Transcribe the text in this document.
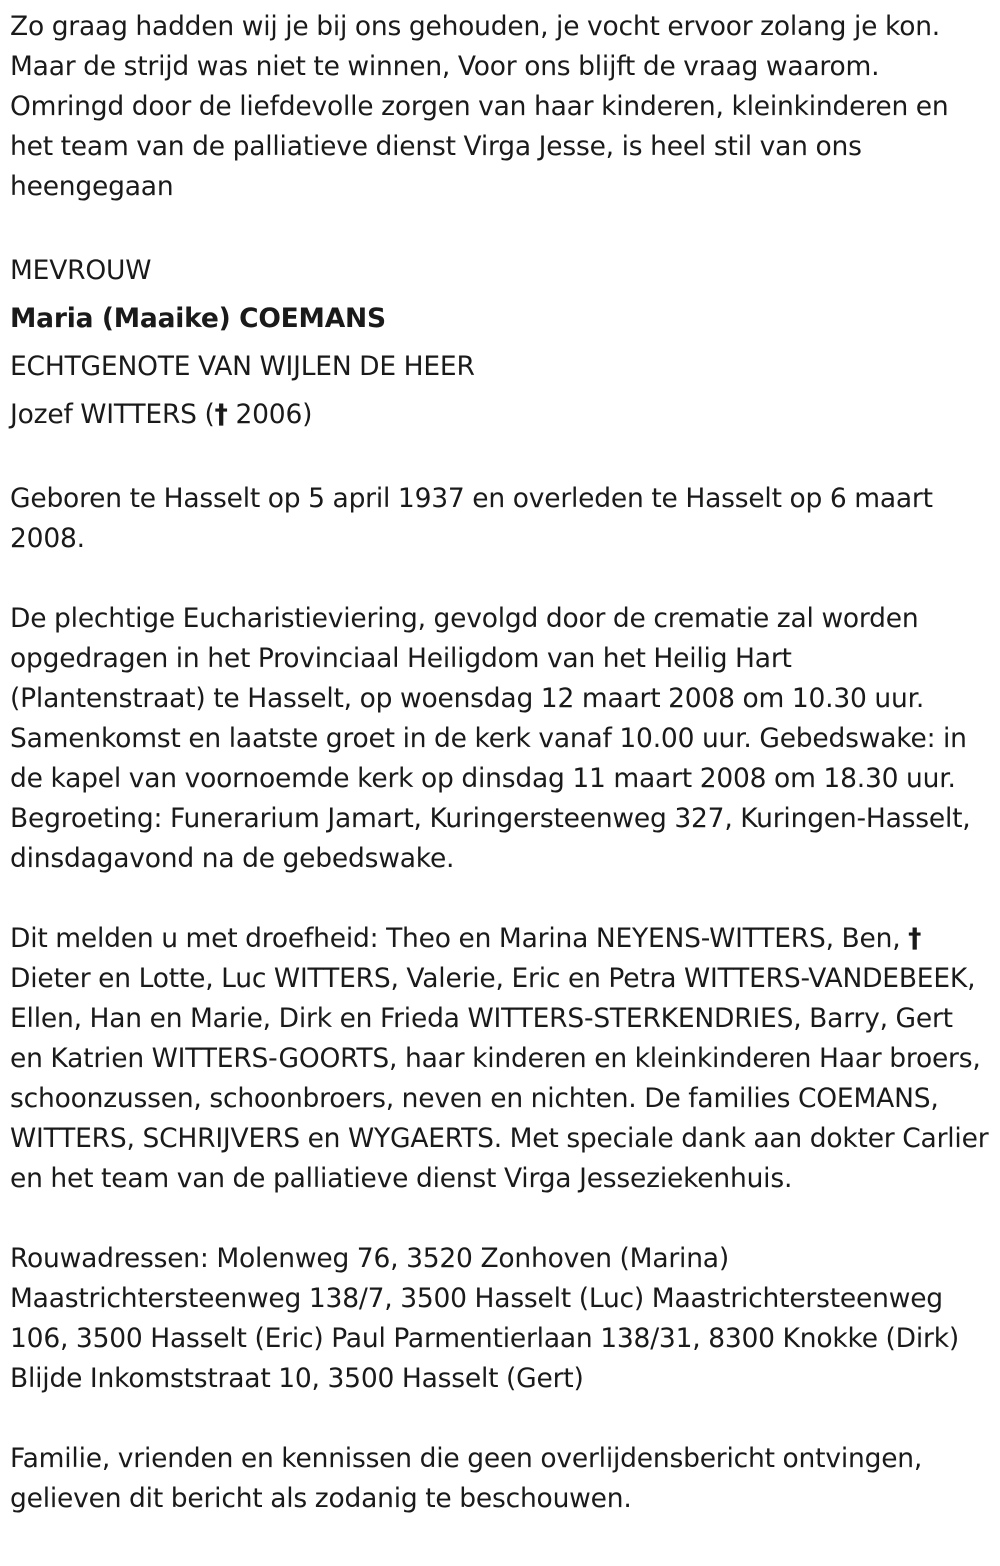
Zo graag hadden wij je bij ons gehouden, je vocht ervoor zolang je kon. Maar de strijd was niet te winnen, Voor ons blijft de vraag waarom. Omringd door de liefdevolle zorgen van haar kinderen, kleinkinderen en het team van de palliatieve dienst Virga Jesse, is heel stil van ons heengegaan

MEVROUW

Maria (Maaike) COEMANS

ECHTGENOTE VAN WIJLEN DE HEER

Jozef WITTERS († 2006)

Geboren te Hasselt op 5 april 1937 en overleden te Hasselt op 6 maart 2008.

De plechtige Eucharistieviering, gevolgd door de crematie zal worden opgedragen in het Provinciaal Heiligdom van het Heilig Hart (Plantenstraat) te Hasselt, op woensdag 12 maart 2008 om 10.30 uur. Samenkomst en laatste groet in de kerk vanaf 10.00 uur. Gebedswake: in de kapel van voornoemde kerk op dinsdag 11 maart 2008 om 18.30 uur. Begroeting: Funerarium Jamart, Kuringersteenweg 327, Kuringen-Hasselt, dinsdagavond na de gebedswake.

Dit melden u met droefheid: Theo en Marina NEYENS-WITTERS, Ben, † Dieter en Lotte, Luc WITTERS, Valerie, Eric en Petra WITTERS-VANDEBEEK, Ellen, Han en Marie, Dirk en Frieda WITTERS-STERKENDRIES, Barry, Gert en Katrien WITTERS-GOORTS, haar kinderen en kleinkinderen Haar broers, schoonzussen, schoonbroers, neven en nichten. De families COEMANS, WITTERS, SCHRIJVERS en WYGAERTS. Met speciale dank aan dokter Carlier en het team van de palliatieve dienst Virga Jesseziekenhuis.

Rouwadressen: Molenweg 76, 3520 Zonhoven (Marina) Maastrichtersteenweg 138/7, 3500 Hasselt (Luc) Maastrichtersteenweg 106, 3500 Hasselt (Eric) Paul Parmentierlaan 138/31, 8300 Knokke (Dirk) Blijde Inkomststraat 10, 3500 Hasselt (Gert)

Familie, vrienden en kennissen die geen overlijdensbericht ontvingen, gelieven dit bericht als zodanig te beschouwen.
